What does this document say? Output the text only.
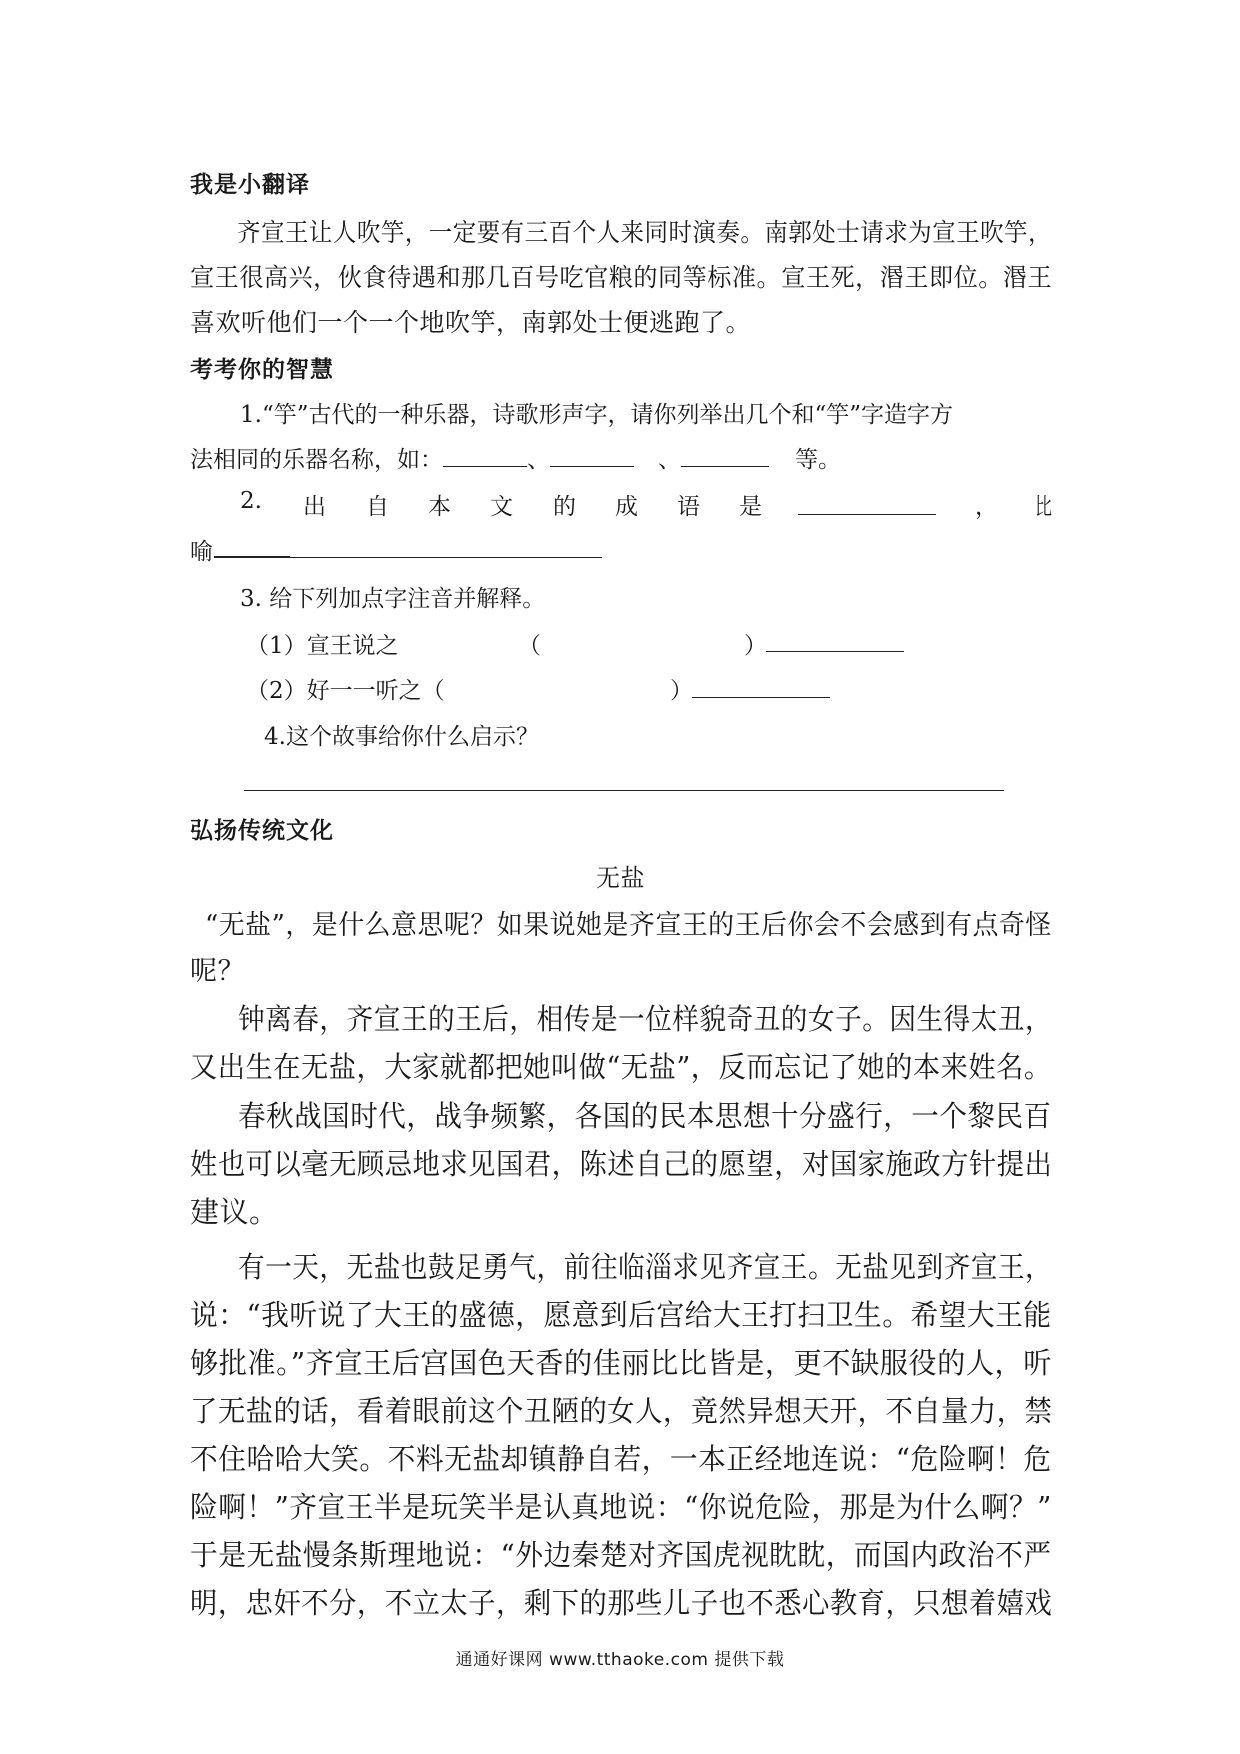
我是小翻译
齐宣王让人吹竽，一定要有三百个人来同时演奏。南郭处士请求为宣王吹竽，
宣王很高兴，伙食待遇和那几百号吃官粮的同等标准。宣王死，湣王即位。湣王
喜欢听他们一个一个地吹竽，南郭处士便逃跑了。
考考你的智慧
1.“竽”古代的一种乐器，诗歌形声字，请你列举出几个和“竽”字造字方
法相同的乐器名称，如：	、	、	等。
2. 出 自 本 文 的 成 语 是	， 比
喻
3. 给下列加点字注音并解释。
（1）宣王说之	（	）
（2）好一一听之（	）
4.这个故事给你什么启示？
弘扬传统文化
无盐
“无盐”，是什么意思呢？如果说她是齐宣王的王后你会不会感到有点奇怪
呢？
钟离春，齐宣王的王后，相传是一位样貌奇丑的女子。因生得太丑，
又出生在无盐，大家就都把她叫做“无盐”，反而忘记了她的本来姓名。
春秋战国时代，战争频繁，各国的民本思想十分盛行，一个黎民百
姓也可以毫无顾忌地求见国君，陈述自己的愿望，对国家施政方针提出
建议。
有一天，无盐也鼓足勇气，前往临淄求见齐宣王。无盐见到齐宣王，
说：“我听说了大王的盛德，愿意到后宫给大王打扫卫生。希望大王能
够批准。”齐宣王后宫国色天香的佳丽比比皆是，更不缺服役的人，听
了无盐的话，看着眼前这个丑陋的女人，竟然异想天开，不自量力，禁
不住哈哈大笑。不料无盐却镇静自若，一本正经地连说：“危险啊！危
险啊！”齐宣王半是玩笑半是认真地说：“你说危险，那是为什么啊？”
于是无盐慢条斯理地说：“外边秦楚对齐国虎视眈眈，而国内政治不严
明，忠奸不分，不立太子，剩下的那些儿子也不悉心教育，只想着嬉戏
通通好课网 www.tthaoke.com 提供下载
